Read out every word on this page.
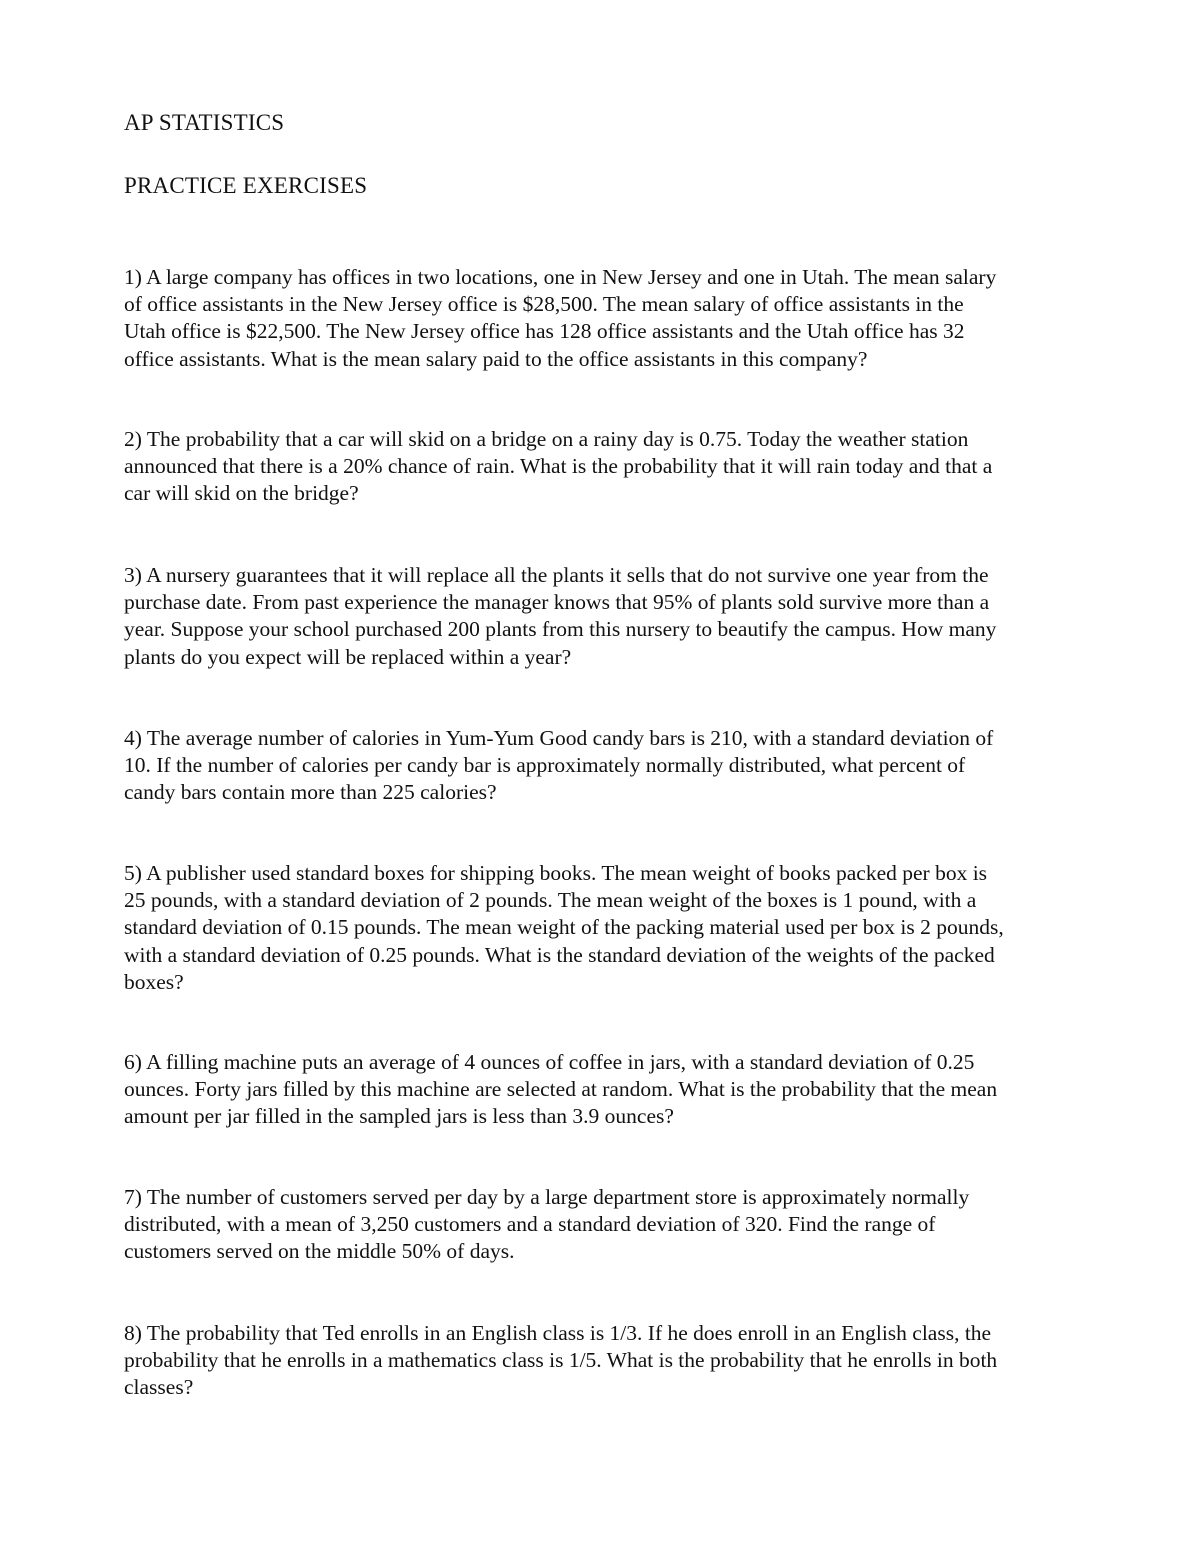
AP STATISTICS
PRACTICE EXERCISES
1) A large company has offices in two locations, one in New Jersey and one in Utah. The mean salary
of office assistants in the New Jersey office is $28,500. The mean salary of office assistants in the
Utah office is $22,500. The New Jersey office has 128 office assistants and the Utah office has 32
office assistants. What is the mean salary paid to the office assistants in this company?
2) The probability that a car will skid on a bridge on a rainy day is 0.75. Today the weather station
announced that there is a 20% chance of rain. What is the probability that it will rain today and that a
car will skid on the bridge?
3) A nursery guarantees that it will replace all the plants it sells that do not survive one year from the
purchase date. From past experience the manager knows that 95% of plants sold survive more than a
year. Suppose your school purchased 200 plants from this nursery to beautify the campus. How many
plants do you expect will be replaced within a year?
4) The average number of calories in Yum-Yum Good candy bars is 210, with a standard deviation of
10. If the number of calories per candy bar is approximately normally distributed, what percent of
candy bars contain more than 225 calories?
5) A publisher used standard boxes for shipping books. The mean weight of books packed per box is
25 pounds, with a standard deviation of 2 pounds. The mean weight of the boxes is 1 pound, with a
standard deviation of 0.15 pounds. The mean weight of the packing material used per box is 2 pounds,
with a standard deviation of 0.25 pounds. What is the standard deviation of the weights of the packed
boxes?
6) A filling machine puts an average of 4 ounces of coffee in jars, with a standard deviation of 0.25
ounces. Forty jars filled by this machine are selected at random. What is the probability that the mean
amount per jar filled in the sampled jars is less than 3.9 ounces?
7) The number of customers served per day by a large department store is approximately normally
distributed, with a mean of 3,250 customers and a standard deviation of 320. Find the range of
customers served on the middle 50% of days.
8) The probability that Ted enrolls in an English class is 1/3. If he does enroll in an English class, the
probability that he enrolls in a mathematics class is 1/5. What is the probability that he enrolls in both
classes?
